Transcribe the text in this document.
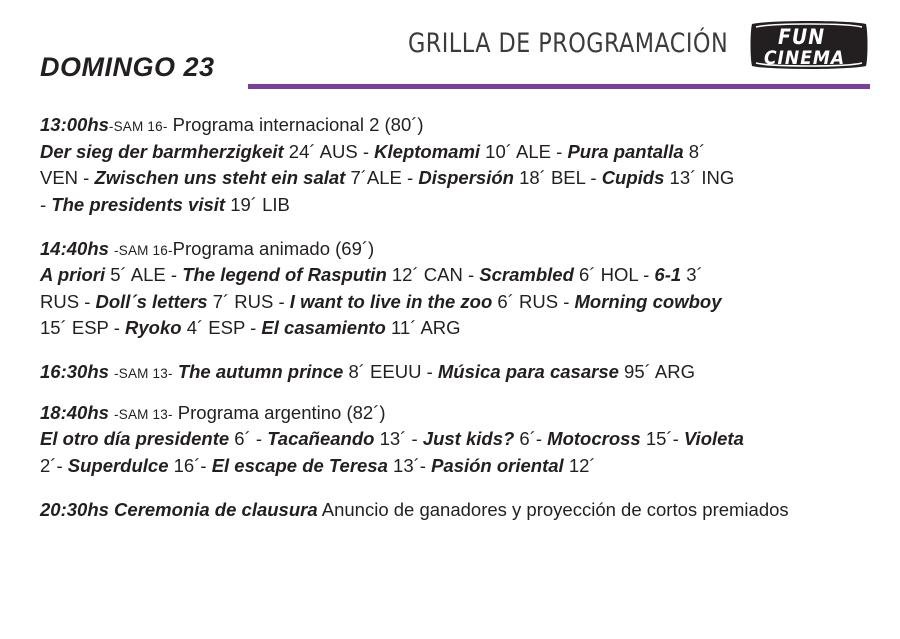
GRILLA DE PROGRAMACIÓN FUN
CINEMA
DOMINGO 23
13:00hs-SAM 16- Programa internacional 2 (80´)
Der sieg der barmherzigkeit 24´ AUS - Kleptomami 10´ ALE - Pura pantalla 8´
VEN - Zwischen uns steht ein salat 7´ALE - Dispersión 18´ BEL - Cupids 13´ ING
- The presidents visit 19´ LIB
14:40hs -SAM 16-Programa animado (69´)
A priori 5´ ALE - The legend of Rasputin 12´ CAN - Scrambled 6´ HOL - 6-1 3´
RUS - Doll´s letters 7´ RUS - I want to live in the zoo 6´ RUS - Morning cowboy
15´ ESP - Ryoko 4´ ESP - El casamiento 11´ ARG
16:30hs -SAM 13- The autumn prince 8´ EEUU - Música para casarse 95´ ARG
18:40hs -SAM 13- Programa argentino (82´)
El otro día presidente 6´ - Tacañeando 13´ - Just kids? 6´- Motocross 15´- Violeta
2´- Superdulce 16´- El escape de Teresa 13´- Pasión oriental 12´
20:30hs Ceremonia de clausura Anuncio de ganadores y proyección de cortos premiados
